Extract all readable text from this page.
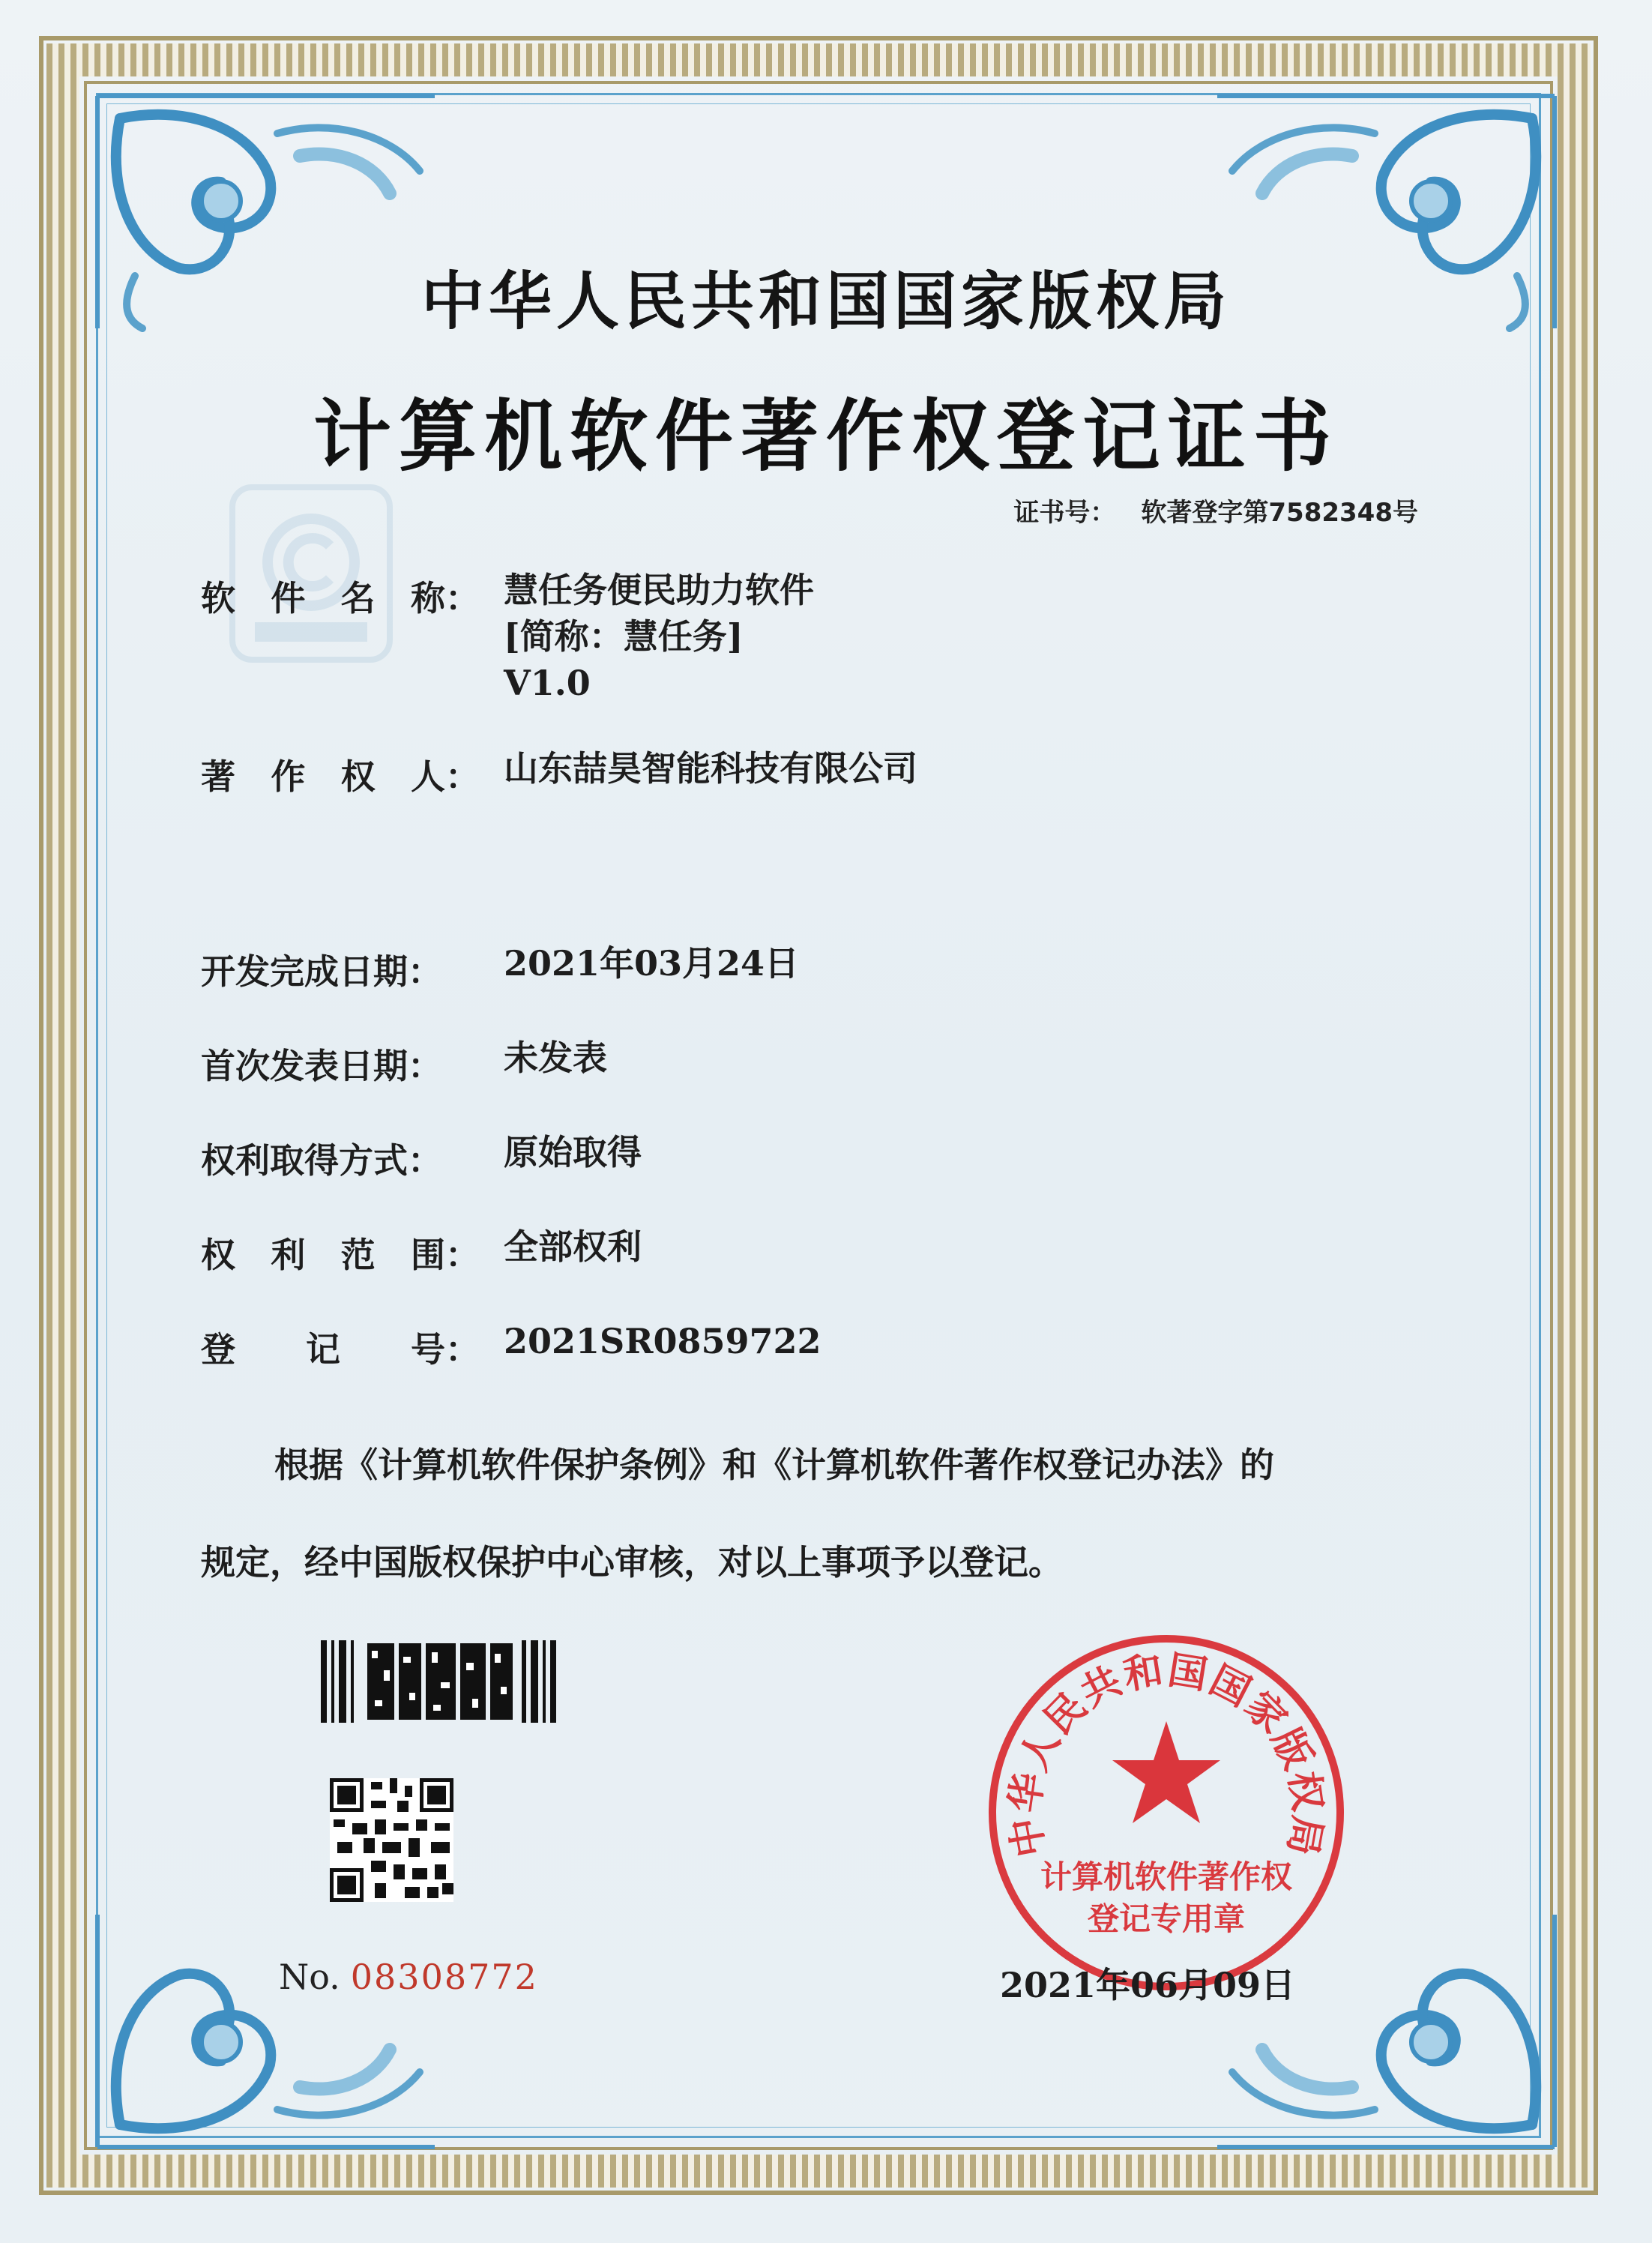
中华人民共和国国家版权局
计算机软件著作权登记证书
证书号： 软著登字第7582348号
软 件 名 称： 慧任务便民助力软件
[简称：慧任务]
V1.0
著 作 权 人： 山东喆昊智能科技有限公司
开发完成日期：	2021年03月24日
首次发表日期：	未发表
权利取得方式：	原始取得
权 利 范 围： 全部权利
登 记 号： 2021SR0859722
根据《计算机软件保护条例》和《计算机软件著作权登记办法》的
规定，经中国版权保护中心审核，对以上事项予以登记。
No. 08308772
中华人民共和国国家版权局
计算机软件著作权
登记专用章
2021年06月09日
